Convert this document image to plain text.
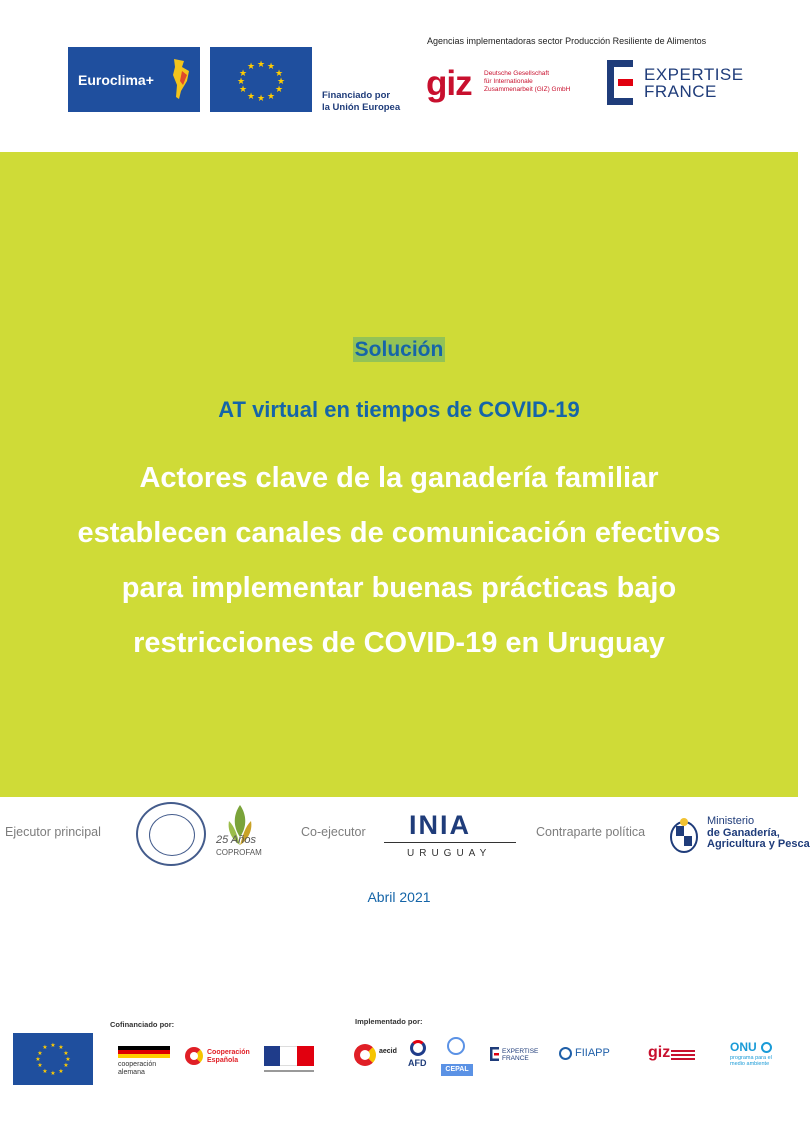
Euroclima+
★ ★
★
★
★
★
★
★
★
★
★
★
Financiado por
la Unión Europea
Agencias implementadoras sector Producción Resiliente de Alimentos
giz Deutsche Gesellschaft
für Internationale
Zusammenarbeit (GIZ) GmbH
EXPERTISE
FRANCE
Solución
AT virtual en tiempos de COVID-19
Actores clave de la ganadería familiar
establecen canales de comunicación efectivos
para implementar buenas prácticas bajo
restricciones de COVID-19 en Uruguay
Ejecutor principal
25 Años
COPROFAM
Co-ejecutor INIA
URUGUAY
Contraparte política
Ministerio
de Ganadería,
Agricultura y Pesca
Abril 2021
★ ★
★
★
★
★
★
★
★
★
★
★
Cofinanciado por:	Implementado por:
cooperación alemana
Cooperación
Española
aecid
AFD
CEPAL
EXPERTISE
FRANCE	FIIAPP giz	ONU
programa para el
medio ambiente
